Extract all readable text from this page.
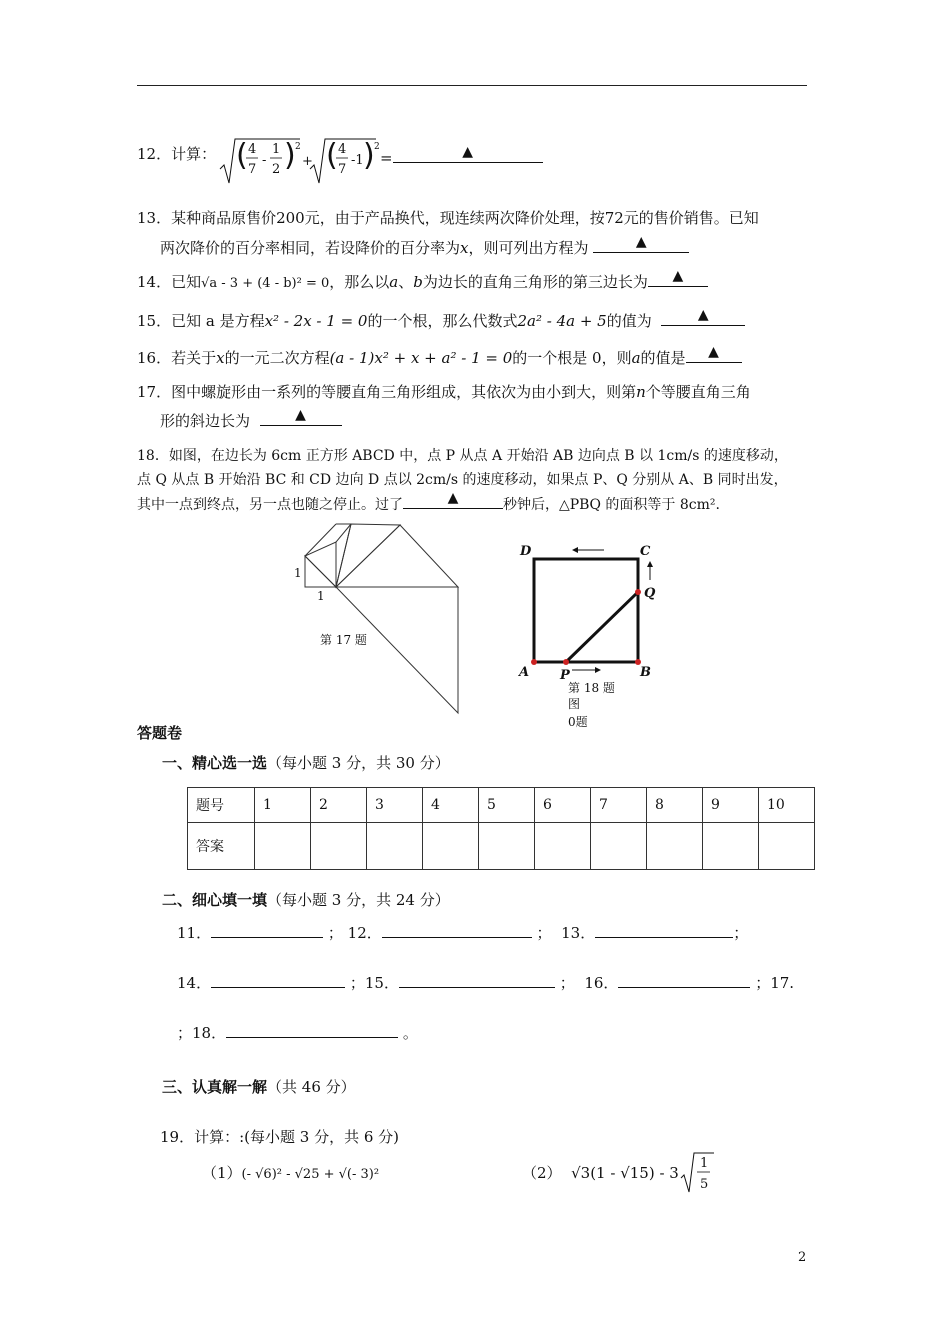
12．计算： ( 4
7
-
1
2 ) 2
+ ( 4
7
-1 ) 2
=	▲
13．某种商品原售价200元，由于产品换代，现连续两次降价处理，按72元的售价销售。已知
两次降价的百分率相同，若设降价的百分率为x，则可列出方程为	▲
14．已知√a - 3 + (4 - b)² = 0，那么以a、b为边长的直角三角形的第三边长为 ▲
15．已知 a 是方程x² - 2x - 1 = 0的一个根，那么代数式2a² - 4a + 5的值为	▲
16．若关于x的一元二次方程(a - 1)x² + x + a² - 1 = 0的一个根是 0，则a的值是 ▲
17．图中螺旋形由一系列的等腰直角三角形组成，其依次为由小到大，则第n个等腰直角三角
形的斜边长为	▲
18．如图，在边长为 6cm 正方形 ABCD 中，点 P 从点 A 开始沿 AB 边向点 B 以 1cm/s 的速度移动，
点 Q 从点 B 开始沿 BC 和 CD 边向 D 点以 2cm/s 的速度移动，如果点 P、Q 分别从 A、B 同时出发，
其中一点到终点，另一点也随之停止。过了	▲	秒钟后，△PBQ 的面积等于 8cm².
1
1
第 17 题
D	C
Q
A P	B
第 18 题
图
0题
答题卷
一、精心选一选（每小题 3 分，共 30 分）
题号	1	2	3	4	5	6	7	8	9	10
答案										
二、细心填一填（每小题 3 分，共 24 分）
11．	； 12．	； 13．	；
14．	；15．	； 16．	；17.
；18．	。
三、认真解一解（共 46 分）
19．计算：:(每小题 3 分，共 6 分)
（1）(- √6)² - √25 + √(- 3)²	（2） √3(1 - √15) - 3
1
5
2
